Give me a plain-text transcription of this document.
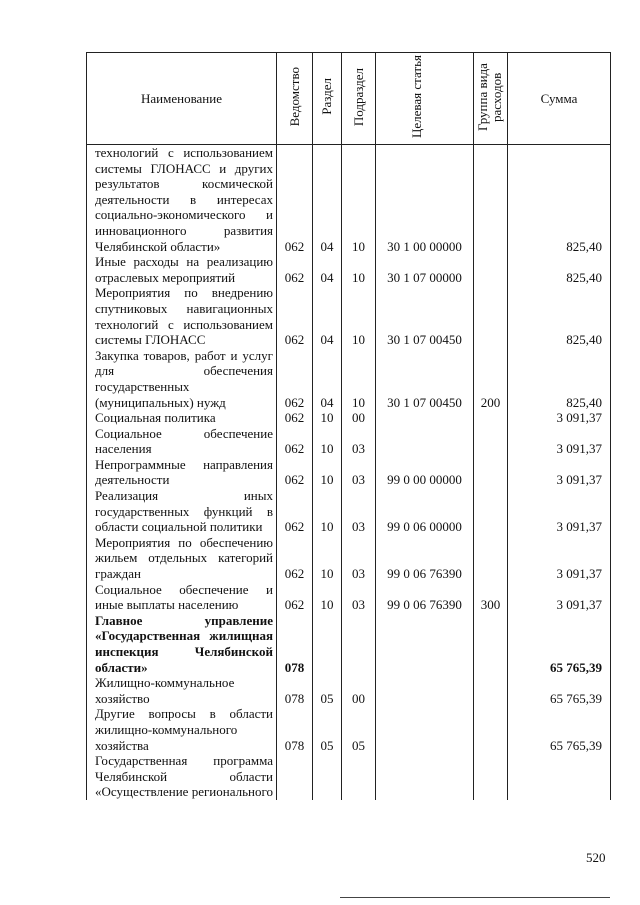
Наименование	Ведомство	Раздел	Подраздел	Целевая статья	Группа вида расходов	Сумма
технологий с использованием системы ГЛОНАСС и других результатов космической деятельности в интересах социально-экономического и инновационного развития Челябинской области»	062	04	10	30 1 00 00000		825,40
Иные расходы на реализацию отраслевых мероприятий	062	04	10	30 1 07 00000		825,40
Мероприятия по внедрению спутниковых навигационных технологий с использованием системы ГЛОНАСС	062	04	10	30 1 07 00450		825,40
Закупка товаров, работ и услуг для обеспечения государственных (муниципальных) нужд	062	04	10	30 1 07 00450	200	825,40
Социальная политика	062	10	00			3 091,37
Социальное обеспечение населения	062	10	03			3 091,37
Непрограммные направления деятельности	062	10	03	99 0 00 00000		3 091,37
Реализация иных государственных функций в области социальной политики	062	10	03	99 0 06 00000		3 091,37
Мероприятия по обеспечению жильем отдельных категорий граждан	062	10	03	99 0 06 76390		3 091,37
Социальное обеспечение и иные выплаты населению	062	10	03	99 0 06 76390	300	3 091,37
Главное управление «Государственная жилищная инспекция Челябинской области»	078					65 765,39
Жилищно-коммунальное хозяйство	078	05	00			65 765,39
Другие вопросы в области жилищно-коммунального хозяйства	078	05	05			65 765,39
Государственная программа Челябинской области «Осуществление регионального						
520
